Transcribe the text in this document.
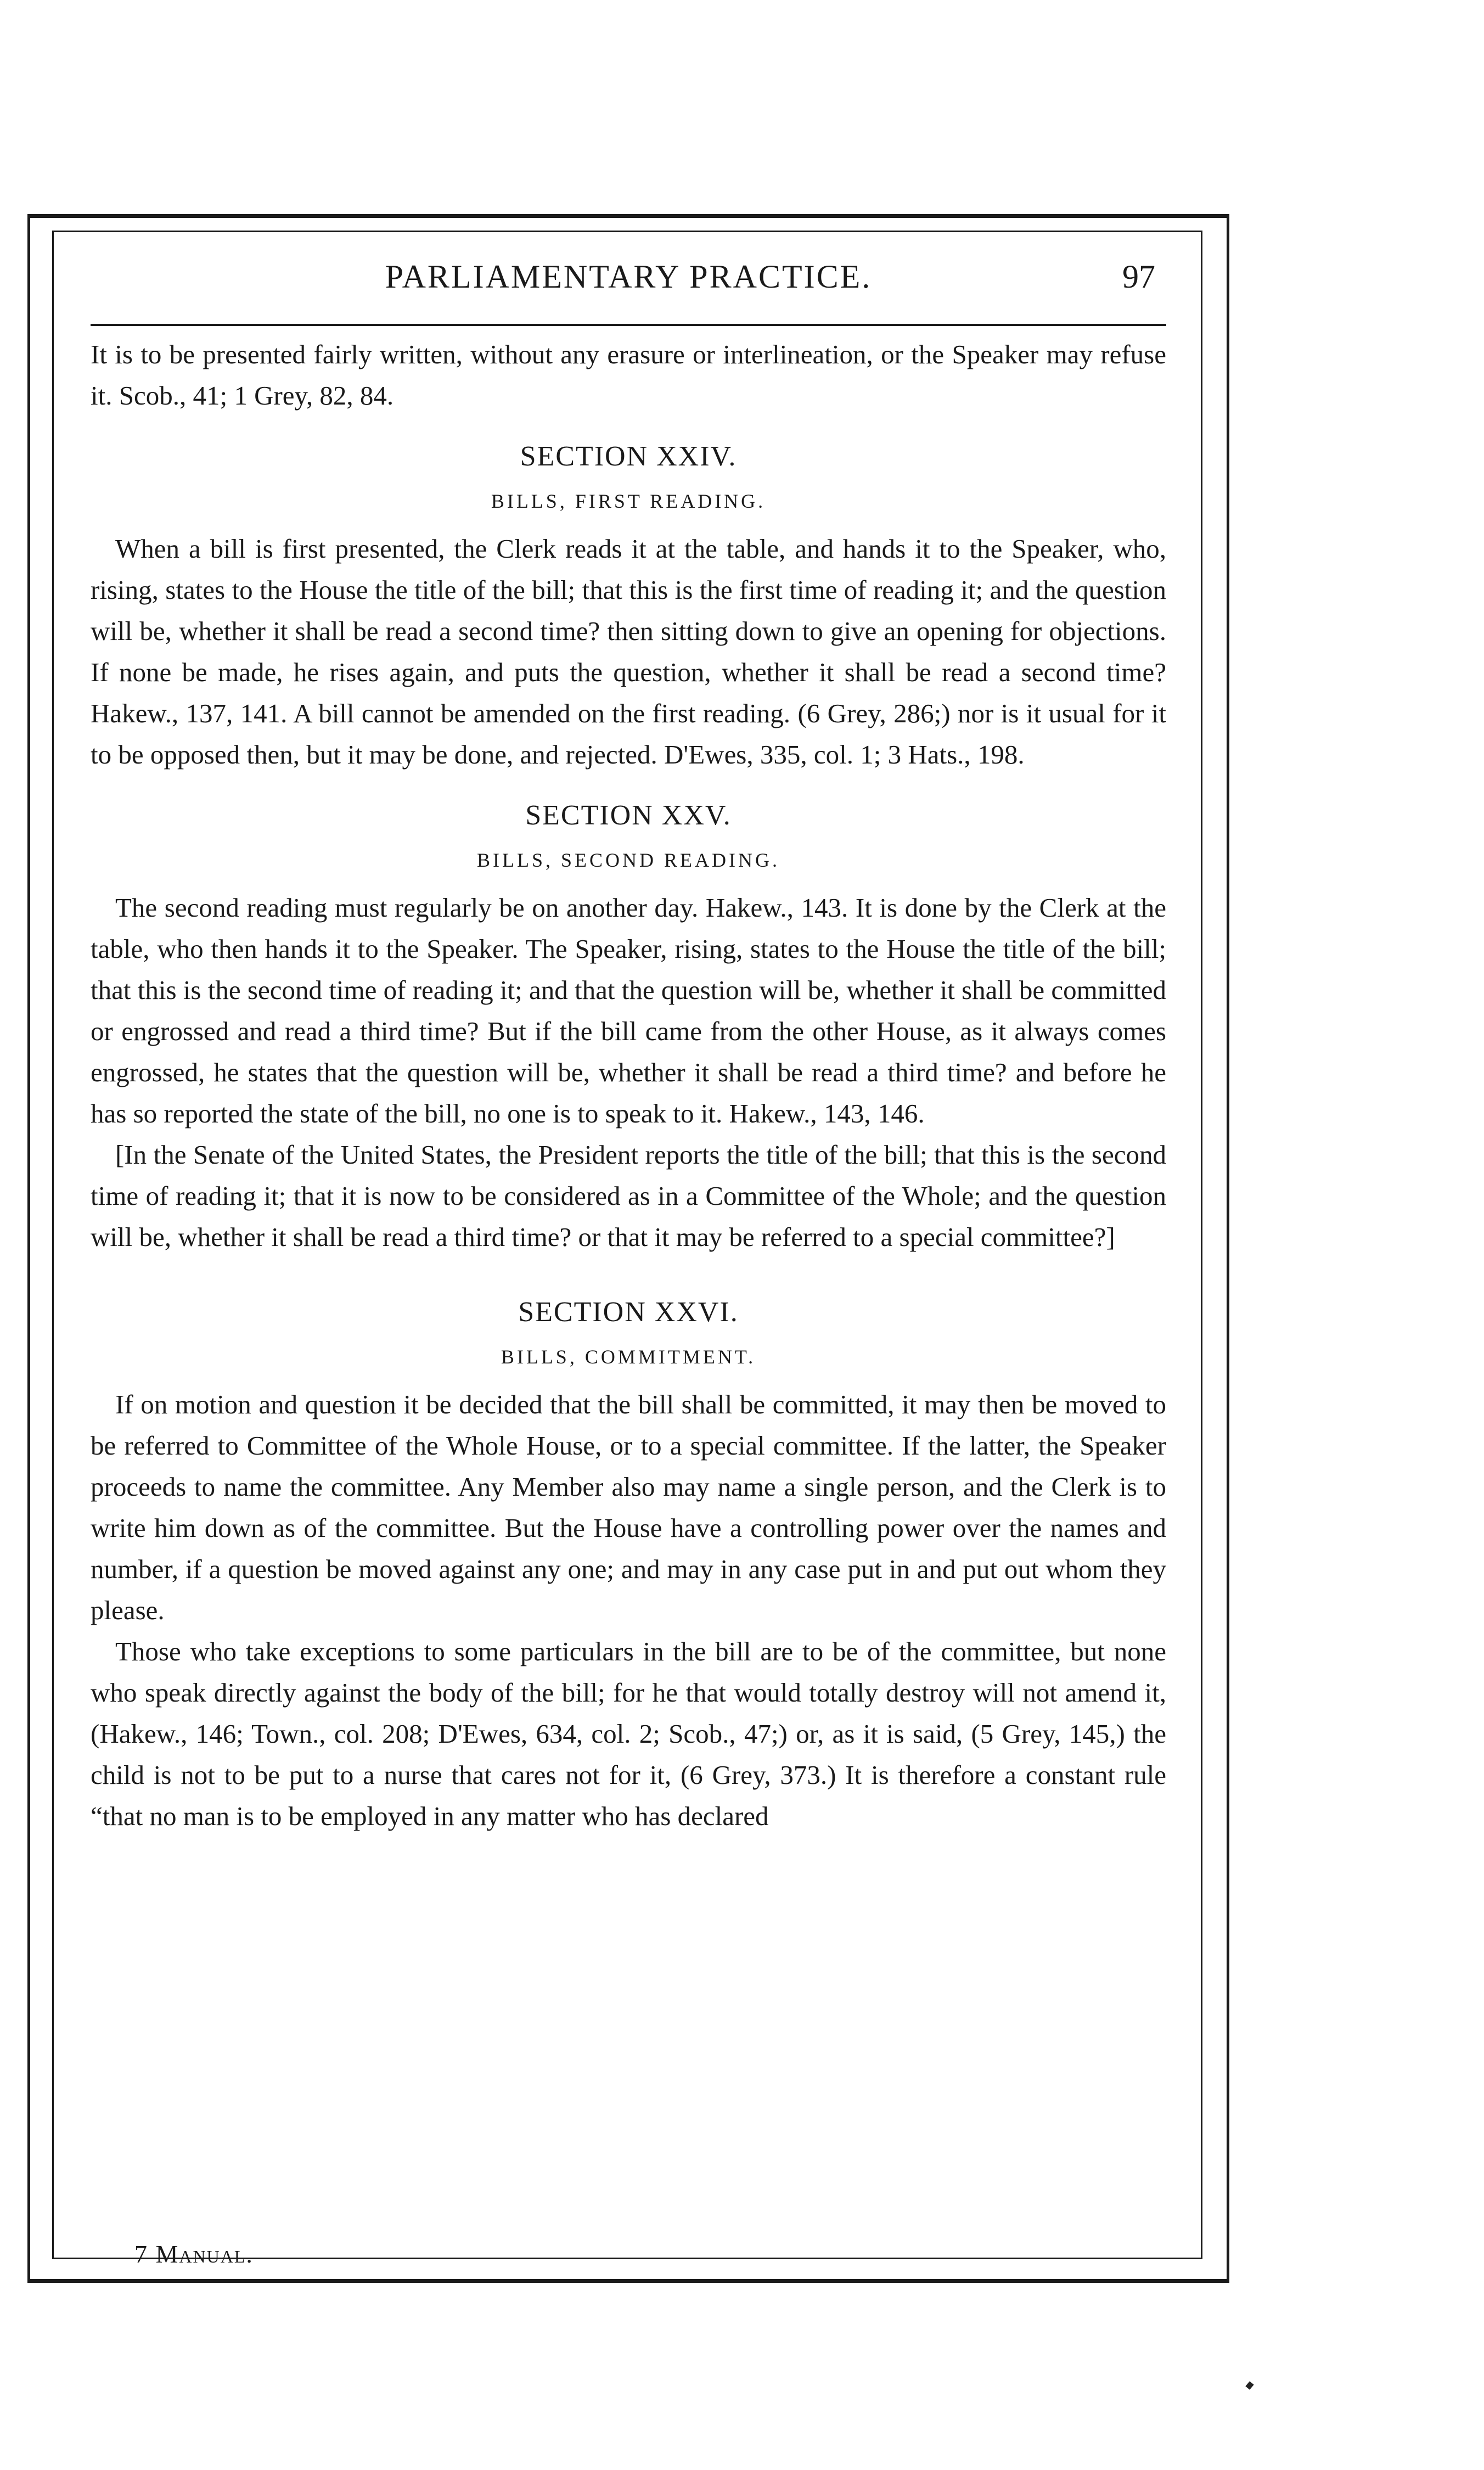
PARLIAMENTARY PRACTICE.	97

It is to be presented fairly written, without any erasure or interlineation, or the Speaker may refuse it. Scob., 41; 1 Grey, 82, 84.

SECTION XXIV.
BILLS, FIRST READING.

When a bill is first presented, the Clerk reads it at the table, and hands it to the Speaker, who, rising, states to the House the title of the bill; that this is the first time of reading it; and the question will be, whether it shall be read a second time? then sitting down to give an opening for objections. If none be made, he rises again, and puts the question, whether it shall be read a second time? Hakew., 137, 141. A bill cannot be amended on the first reading. (6 Grey, 286;) nor is it usual for it to be opposed then, but it may be done, and rejected. D'Ewes, 335, col. 1; 3 Hats., 198.

SECTION XXV.
BILLS, SECOND READING.

The second reading must regularly be on another day. Hakew., 143. It is done by the Clerk at the table, who then hands it to the Speaker. The Speaker, rising, states to the House the title of the bill; that this is the second time of reading it; and that the question will be, whether it shall be committed or engrossed and read a third time? But if the bill came from the other House, as it always comes engrossed, he states that the question will be, whether it shall be read a third time? and before he has so reported the state of the bill, no one is to speak to it. Hakew., 143, 146.

[In the Senate of the United States, the President reports the title of the bill; that this is the second time of reading it; that it is now to be considered as in a Committee of the Whole; and the question will be, whether it shall be read a third time? or that it may be referred to a special committee?]

SECTION XXVI.
BILLS, COMMITMENT.

If on motion and question it be decided that the bill shall be committed, it may then be moved to be referred to Committee of the Whole House, or to a special committee. If the latter, the Speaker proceeds to name the committee. Any Member also may name a single person, and the Clerk is to write him down as of the committee. But the House have a controlling power over the names and number, if a question be moved against any one; and may in any case put in and put out whom they please.

Those who take exceptions to some particulars in the bill are to be of the committee, but none who speak directly against the body of the bill; for he that would totally destroy will not amend it, (Hakew., 146; Town., col. 208; D'Ewes, 634, col. 2; Scob., 47;) or, as it is said, (5 Grey, 145,) the child is not to be put to a nurse that cares not for it, (6 Grey, 373.) It is therefore a constant rule “that no man is to be employed in any matter who has declared

7 Manual.
